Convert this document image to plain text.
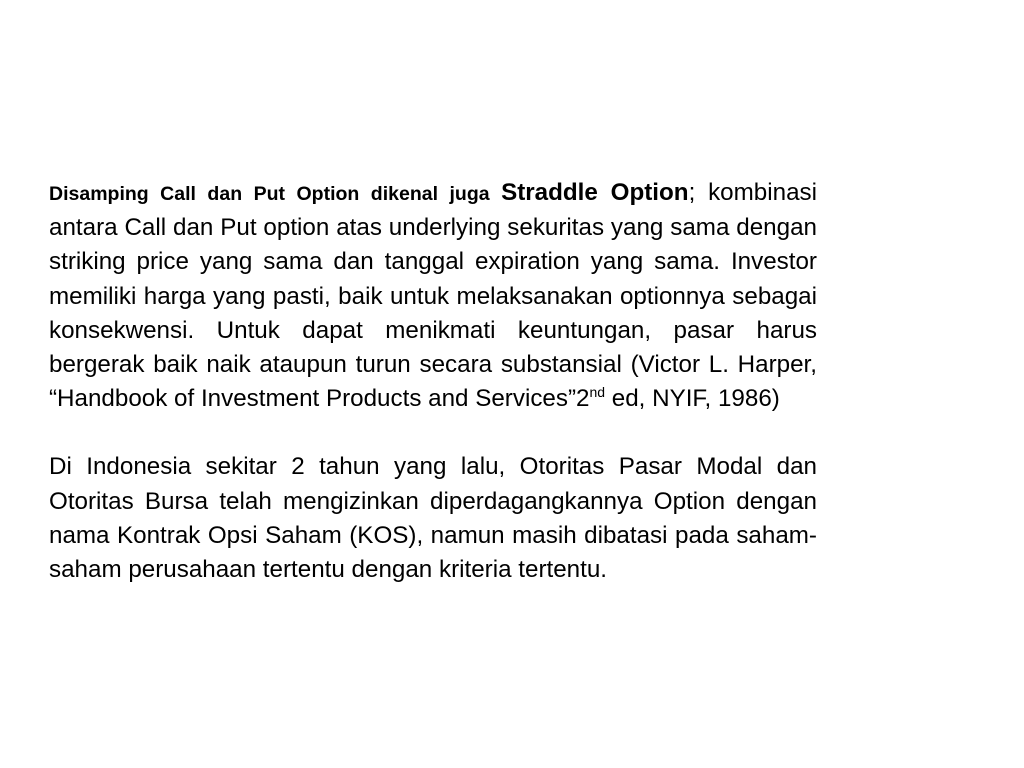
Disamping Call dan Put Option dikenal juga Straddle Option; kombinasi antara Call dan Put option atas underlying sekuritas yang sama dengan striking price yang sama dan tanggal expiration yang sama. Investor memiliki harga yang pasti, baik untuk melaksanakan optionnya sebagai konsekwensi. Untuk dapat menikmati keuntungan, pasar harus bergerak baik naik ataupun turun secara substansial (Victor L. Harper, “Handbook of Investment Products and Services”2nd ed, NYIF, 1986)

Di Indonesia sekitar 2 tahun yang lalu, Otoritas Pasar Modal dan Otoritas Bursa telah mengizinkan diperdagangkannya Option dengan nama Kontrak Opsi Saham (KOS), namun masih dibatasi pada saham-saham perusahaan tertentu dengan kriteria tertentu.
